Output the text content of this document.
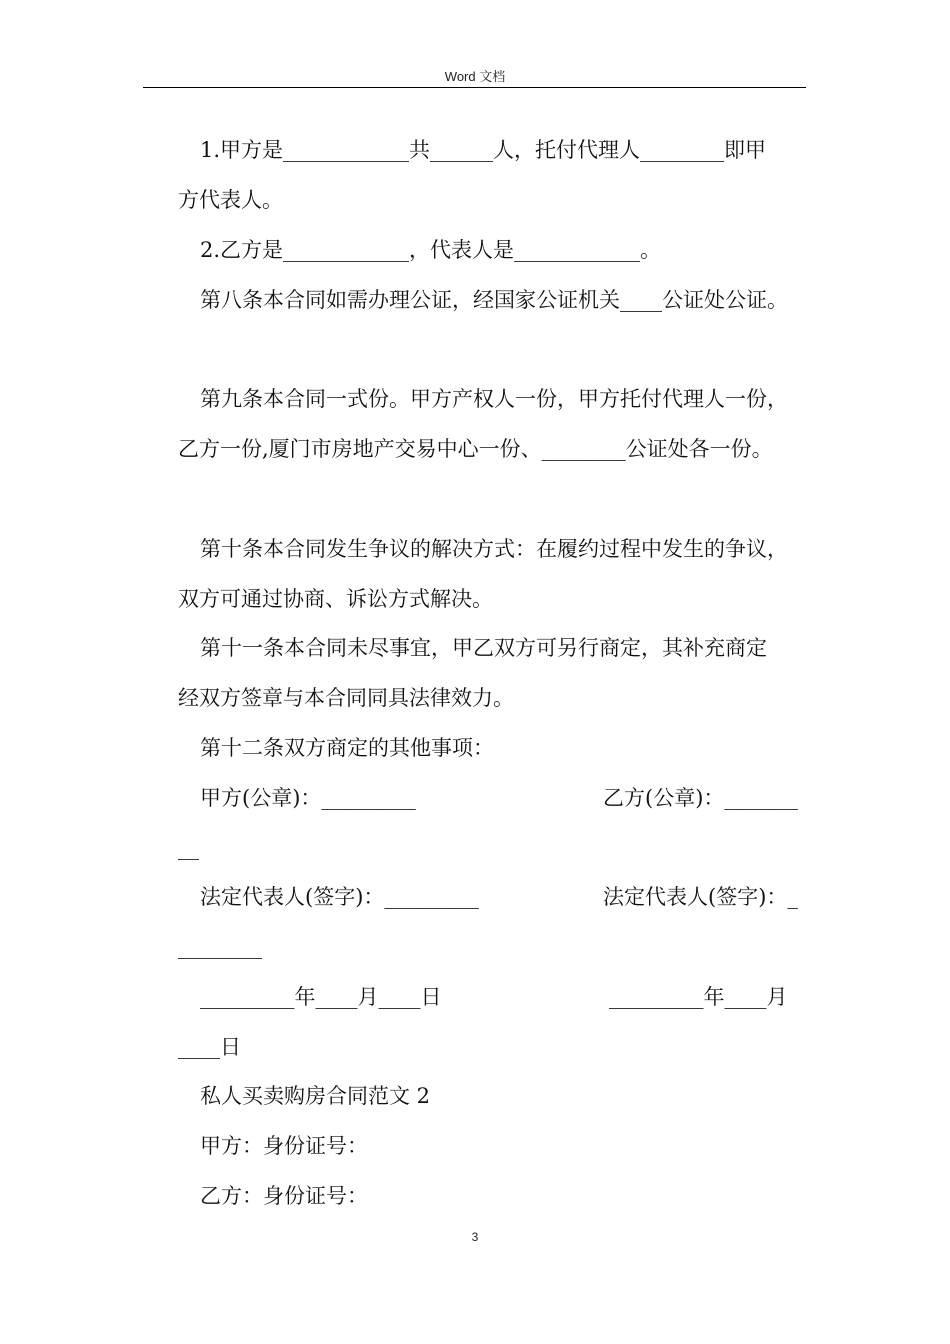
Word 文档
1.甲方是____________共______人，托付代理人________即甲
方代表人。
2.乙方是____________，代表人是____________。
第八条本合同如需办理公证，经国家公证机关____公证处公证。
第九条本合同一式份。甲方产权人一份，甲方托付代理人一份，
乙方一份,厦门市房地产交易中心一份、________公证处各一份。
第十条本合同发生争议的解决方式：在履约过程中发生的争议，
双方可通过协商、诉讼方式解决。
第十一条本合同未尽事宜，甲乙双方可另行商定，其补充商定
经双方签章与本合同同具法律效力。
第十二条双方商定的其他事项：
甲方(公章)：_________	乙方(公章)：_______
__
法定代表人(签字)：_________	法定代表人(签字)：_
________
_________年____月____日	_________年____月
____日
私人买卖购房合同范文 2
甲方：身份证号：
乙方：身份证号：
3
